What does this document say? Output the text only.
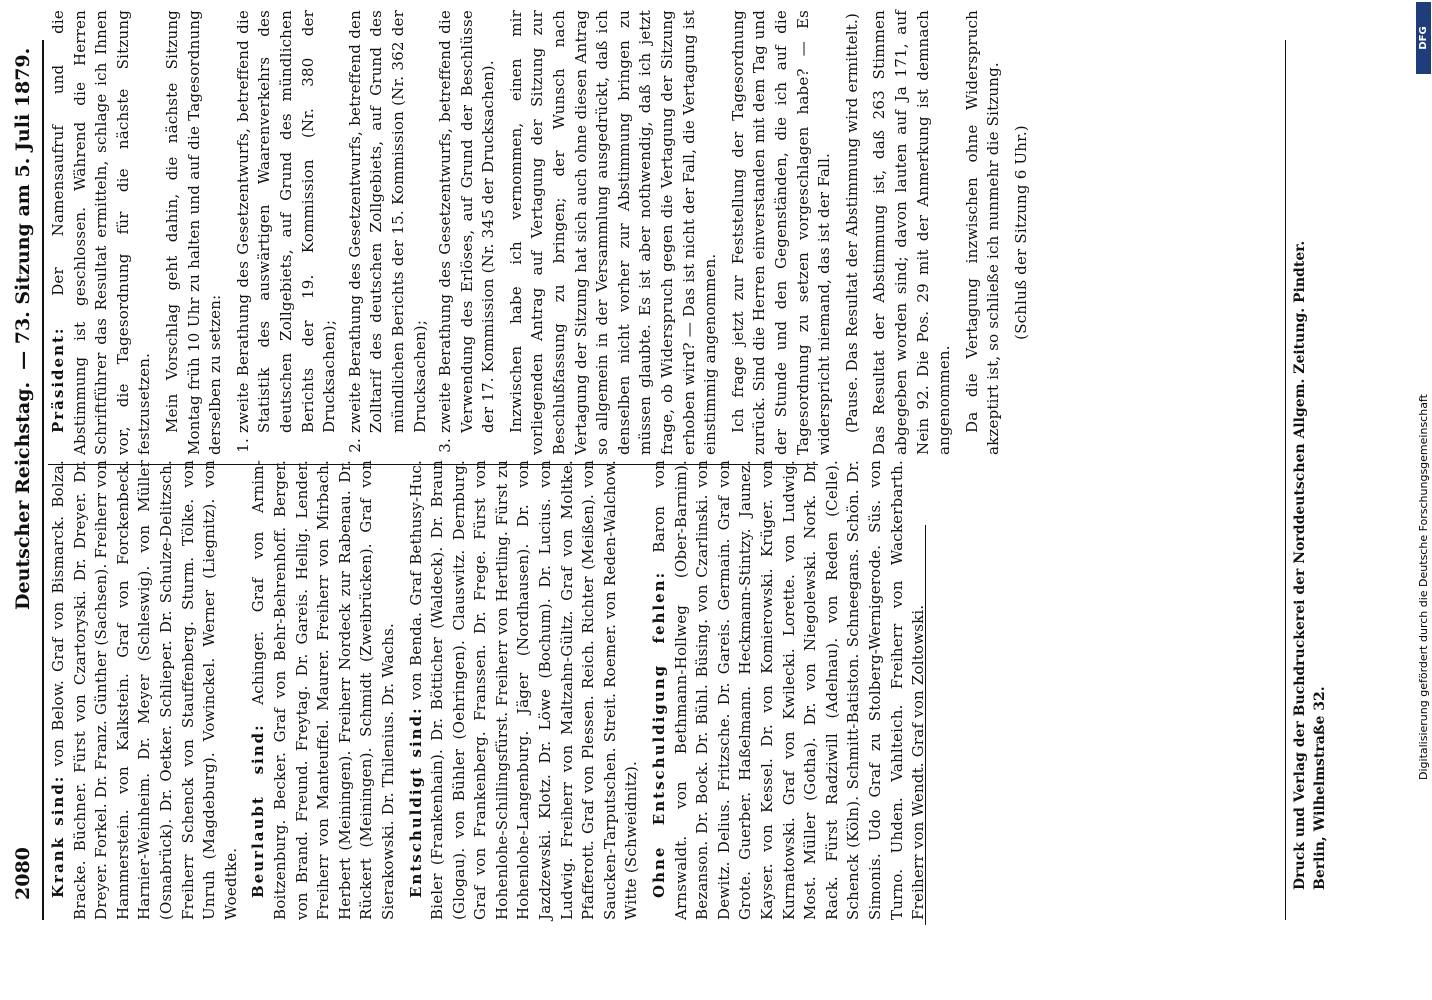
2080
Deutscher Reichstag.— 73. Sitzung am 5. Juli 1879.

Krank sind: von Below. Graf von Bismarck. Bolza. Bracke. Büchner. Fürst von Czartoryski. Dr. Dreyer. Dr. Dreyer. Forkel. Dr. Franz. Günther (Sachsen). Freiherr von Hammerstein. von Kalkstein. Graf von Forckenbeck. Harnier-Weinheim. Dr. Meyer (Schleswig). von Müller (Osnabrück). Dr. Oetker. Schlieper. Dr. Schulze-Delitzsch. Freiherr Schenck von Stauffenberg. Sturm. Tölke. von Unruh (Magdeburg). Vowinckel. Werner (Liegnitz). von Woedtke. Beurlaubt sind: Achinger. Graf von Arnim-Boitzenburg. Becker. Graf von Behr-Behrenhoff. Berger. von Brand. Freund. Freytag. Dr. Gareis. Hellig. Lender. Freiherr von Manteuffel. Maurer. Freiherr von Mirbach. Herbert (Meiningen). Freiherr Nordeck zur Rabenau. Dr. Rückert (Meiningen). Schmidt (Zweibrücken). Graf von Sierakowski. Dr. Thilenius. Dr. Wachs. Entschuldigt sind: von Benda. Graf Bethusy-Huc. Bieler (Frankenhain). Dr. Bötticher (Waldeck). Dr. Braun (Glogau). von Bühler (Oehringen). Clauswitz. Dernburg. Graf von Frankenberg. Franssen. Dr. Frege. Fürst von Hohenlohe-Schillingsfürst. Freiherr von Hertling. Fürst zu Hohenlohe-Langenburg. Jäger (Nordhausen). Dr. von Jazdzewski. Klotz. Dr. Löwe (Bochum). Dr. Lucius. von Ludwig. Freiherr von Maltzahn-Gültz. Graf von Moltke. Pfafferott. Graf von Plessen. Reich. Richter (Meißen). von Saucken-Tarputschen. Streit. Roemer. von Reden-Walchow. Witte (Schweidnitz). Ohne Entschuldigung fehlen: Baron von Arnswaldt. von Bethmann-Hollweg (Ober-Barnim). Bezanson. Dr. Bock. Dr. Bühl. Büsing. von Czarlinski. von Dewitz. Delius. Fritzsche. Dr. Gareis. Germain. Graf von Grote. Guerber. Haßelmann. Heckmann-Stintzy. Jaunez. Kayser. von Kessel. Dr. von Komierowski. Krüger. von Kurnatowski. Graf von Kwilecki. Lorette. von Ludwig. Most. Müller (Gotha). Dr. von Niegolewski. Nork. Dr. Rack. Fürst Radziwill (Adelnau). von Reden (Celle). Schenck (Köln). Schmitt-Batiston. Schneegans. Schön. Dr. Simonis. Udo Graf zu Stolberg-Wernigerode. Süs. von Turno. Uhden. Vahlteich. Freiherr von Wackerbarth. Freiherr von Wendt. Graf von Zoltowski.

Präsident: Der Namensaufruf und die Abstimmung ist geschlossen. Während die Herren Schriftführer das Resultat ermitteln, schlage ich Ihnen vor, die Tagesordnung für die nächste Sitzung festzusetzen. Mein Vorschlag geht dahin, die nächste Sitzung Montag früh 10 Uhr zu halten und auf die Tagesordnung derselben zu setzen: 1. zweite Berathung des Gesetzentwurfs, betreffend die Statistik des auswärtigen Waarenverkehrs des deutschen Zollgebiets, auf Grund des mündlichen Berichts der 19. Kommission (Nr. 380 der Drucksachen); 2. zweite Berathung des Gesetzentwurfs, betreffend den Zolltarif des deutschen Zollgebiets, auf Grund des mündlichen Berichts der 15. Kommission (Nr. 362 der Drucksachen); 3. zweite Berathung des Gesetzentwurfs, betreffend die Verwendung des Erlöses, auf Grund der Beschlüsse der 17. Kommission (Nr. 345 der Drucksachen). Inzwischen habe ich vernommen, einen mir vorliegenden Antrag auf Vertagung der Sitzung zur Beschlußfassung zu bringen; der Wunsch nach Vertagung der Sitzung hat sich auch ohne diesen Antrag so allgemein in der Versammlung ausgedrückt, daß ich denselben nicht vorher zur Abstimmung bringen zu müssen glaubte. Es ist aber nothwendig, daß ich jetzt frage, ob Widerspruch gegen die Vertagung der Sitzung erhoben wird? — Das ist nicht der Fall, die Vertagung ist einstimmig angenommen. Ich frage jetzt zur Feststellung der Tagesordnung zurück. Sind die Herren einverstanden mit dem Tag und der Stunde und den Gegenständen, die ich auf die Tagesordnung zu setzen vorgeschlagen habe? — Es widerspricht niemand, das ist der Fall. (Pause. Das Resultat der Abstimmung wird ermittelt.) Das Resultat der Abstimmung ist, daß 263 Stimmen abgegeben worden sind; davon lauten auf Ja 171, auf Nein 92. Die Pos. 29 mit der Anmerkung ist demnach angenommen. Da die Vertagung inzwischen ohne Widerspruch akzeptirt ist, so schließe ich nunmehr die Sitzung. (Schluß der Sitzung 6 Uhr.)

Druck und Verlag der Buchdruckerei der Norddeutschen Allgem. Zeitung. Pindter. Berlin, Wilhelmstraße 32.
Digitalisierung gefördert durch die Deutsche Forschungsgemeinschaft
DFG
